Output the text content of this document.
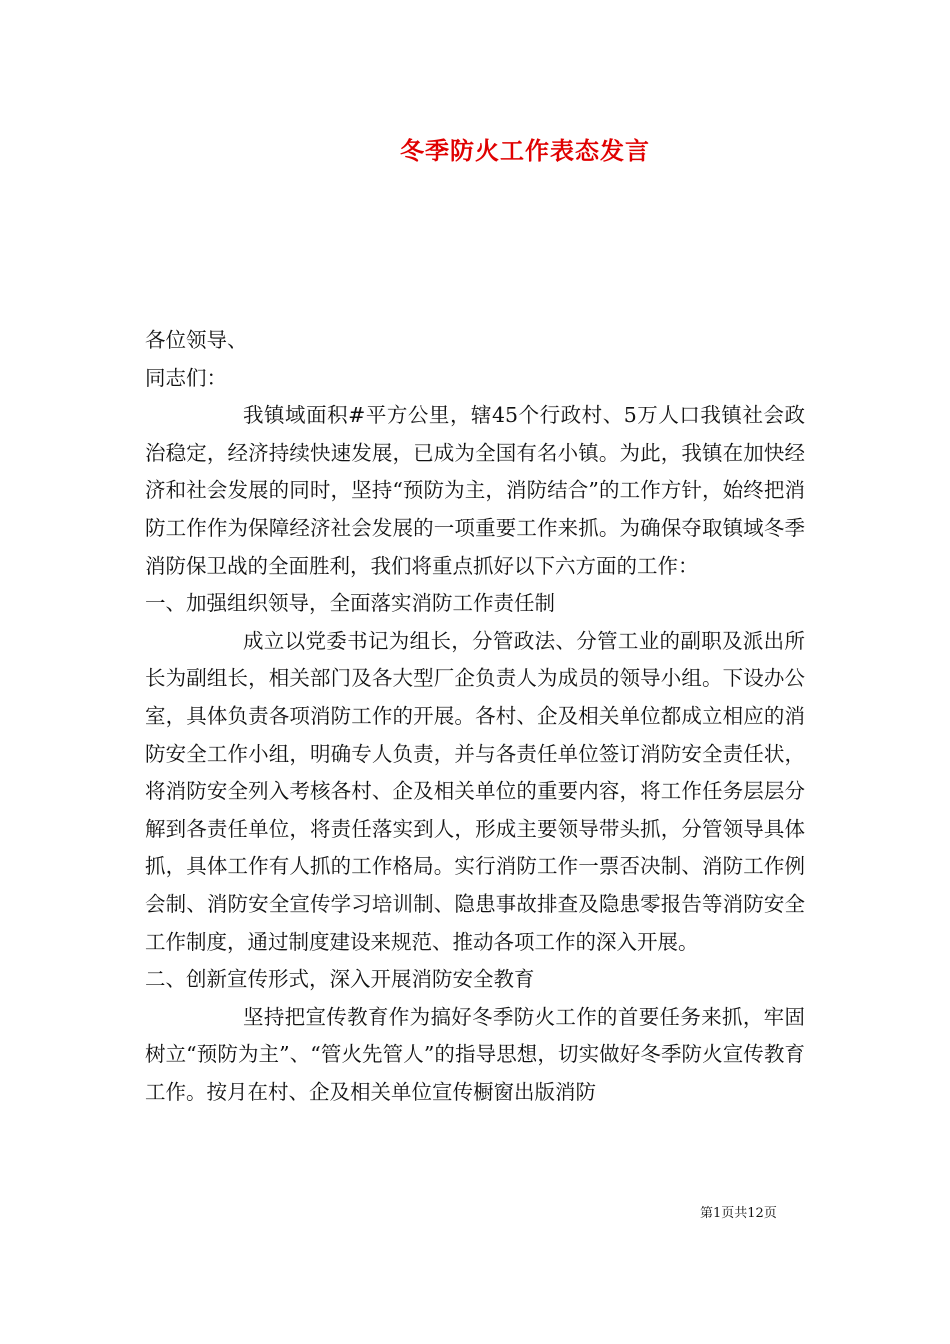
冬季防火工作表态发言

各位领导、

同志们：

我镇域面积#平方公里，辖45个行政村、5万人口我镇社会政治稳定，经济持续快速发展，已成为全国有名小镇。为此，我镇在加快经济和社会发展的同时，坚持“预防为主，消防结合”的工作方针，始终把消防工作作为保障经济社会发展的一项重要工作来抓。为确保夺取镇域冬季消防保卫战的全面胜利，我们将重点抓好以下六方面的工作：

一、加强组织领导，全面落实消防工作责任制

成立以党委书记为组长，分管政法、分管工业的副职及派出所长为副组长，相关部门及各大型厂企负责人为成员的领导小组。下设办公室，具体负责各项消防工作的开展。各村、企及相关单位都成立相应的消防安全工作小组，明确专人负责，并与各责任单位签订消防安全责任状，将消防安全列入考核各村、企及相关单位的重要内容，将工作任务层层分解到各责任单位，将责任落实到人，形成主要领导带头抓，分管领导具体抓，具体工作有人抓的工作格局。实行消防工作一票否决制、消防工作例会制、消防安全宣传学习培训制、隐患事故排查及隐患零报告等消防安全工作制度，通过制度建设来规范、推动各项工作的深入开展。

二、创新宣传形式，深入开展消防安全教育

坚持把宣传教育作为搞好冬季防火工作的首要任务来抓，牢固树立“预防为主”、“管火先管人”的指导思想，切实做好冬季防火宣传教育工作。按月在村、企及相关单位宣传橱窗出版消防

第1页共12页
